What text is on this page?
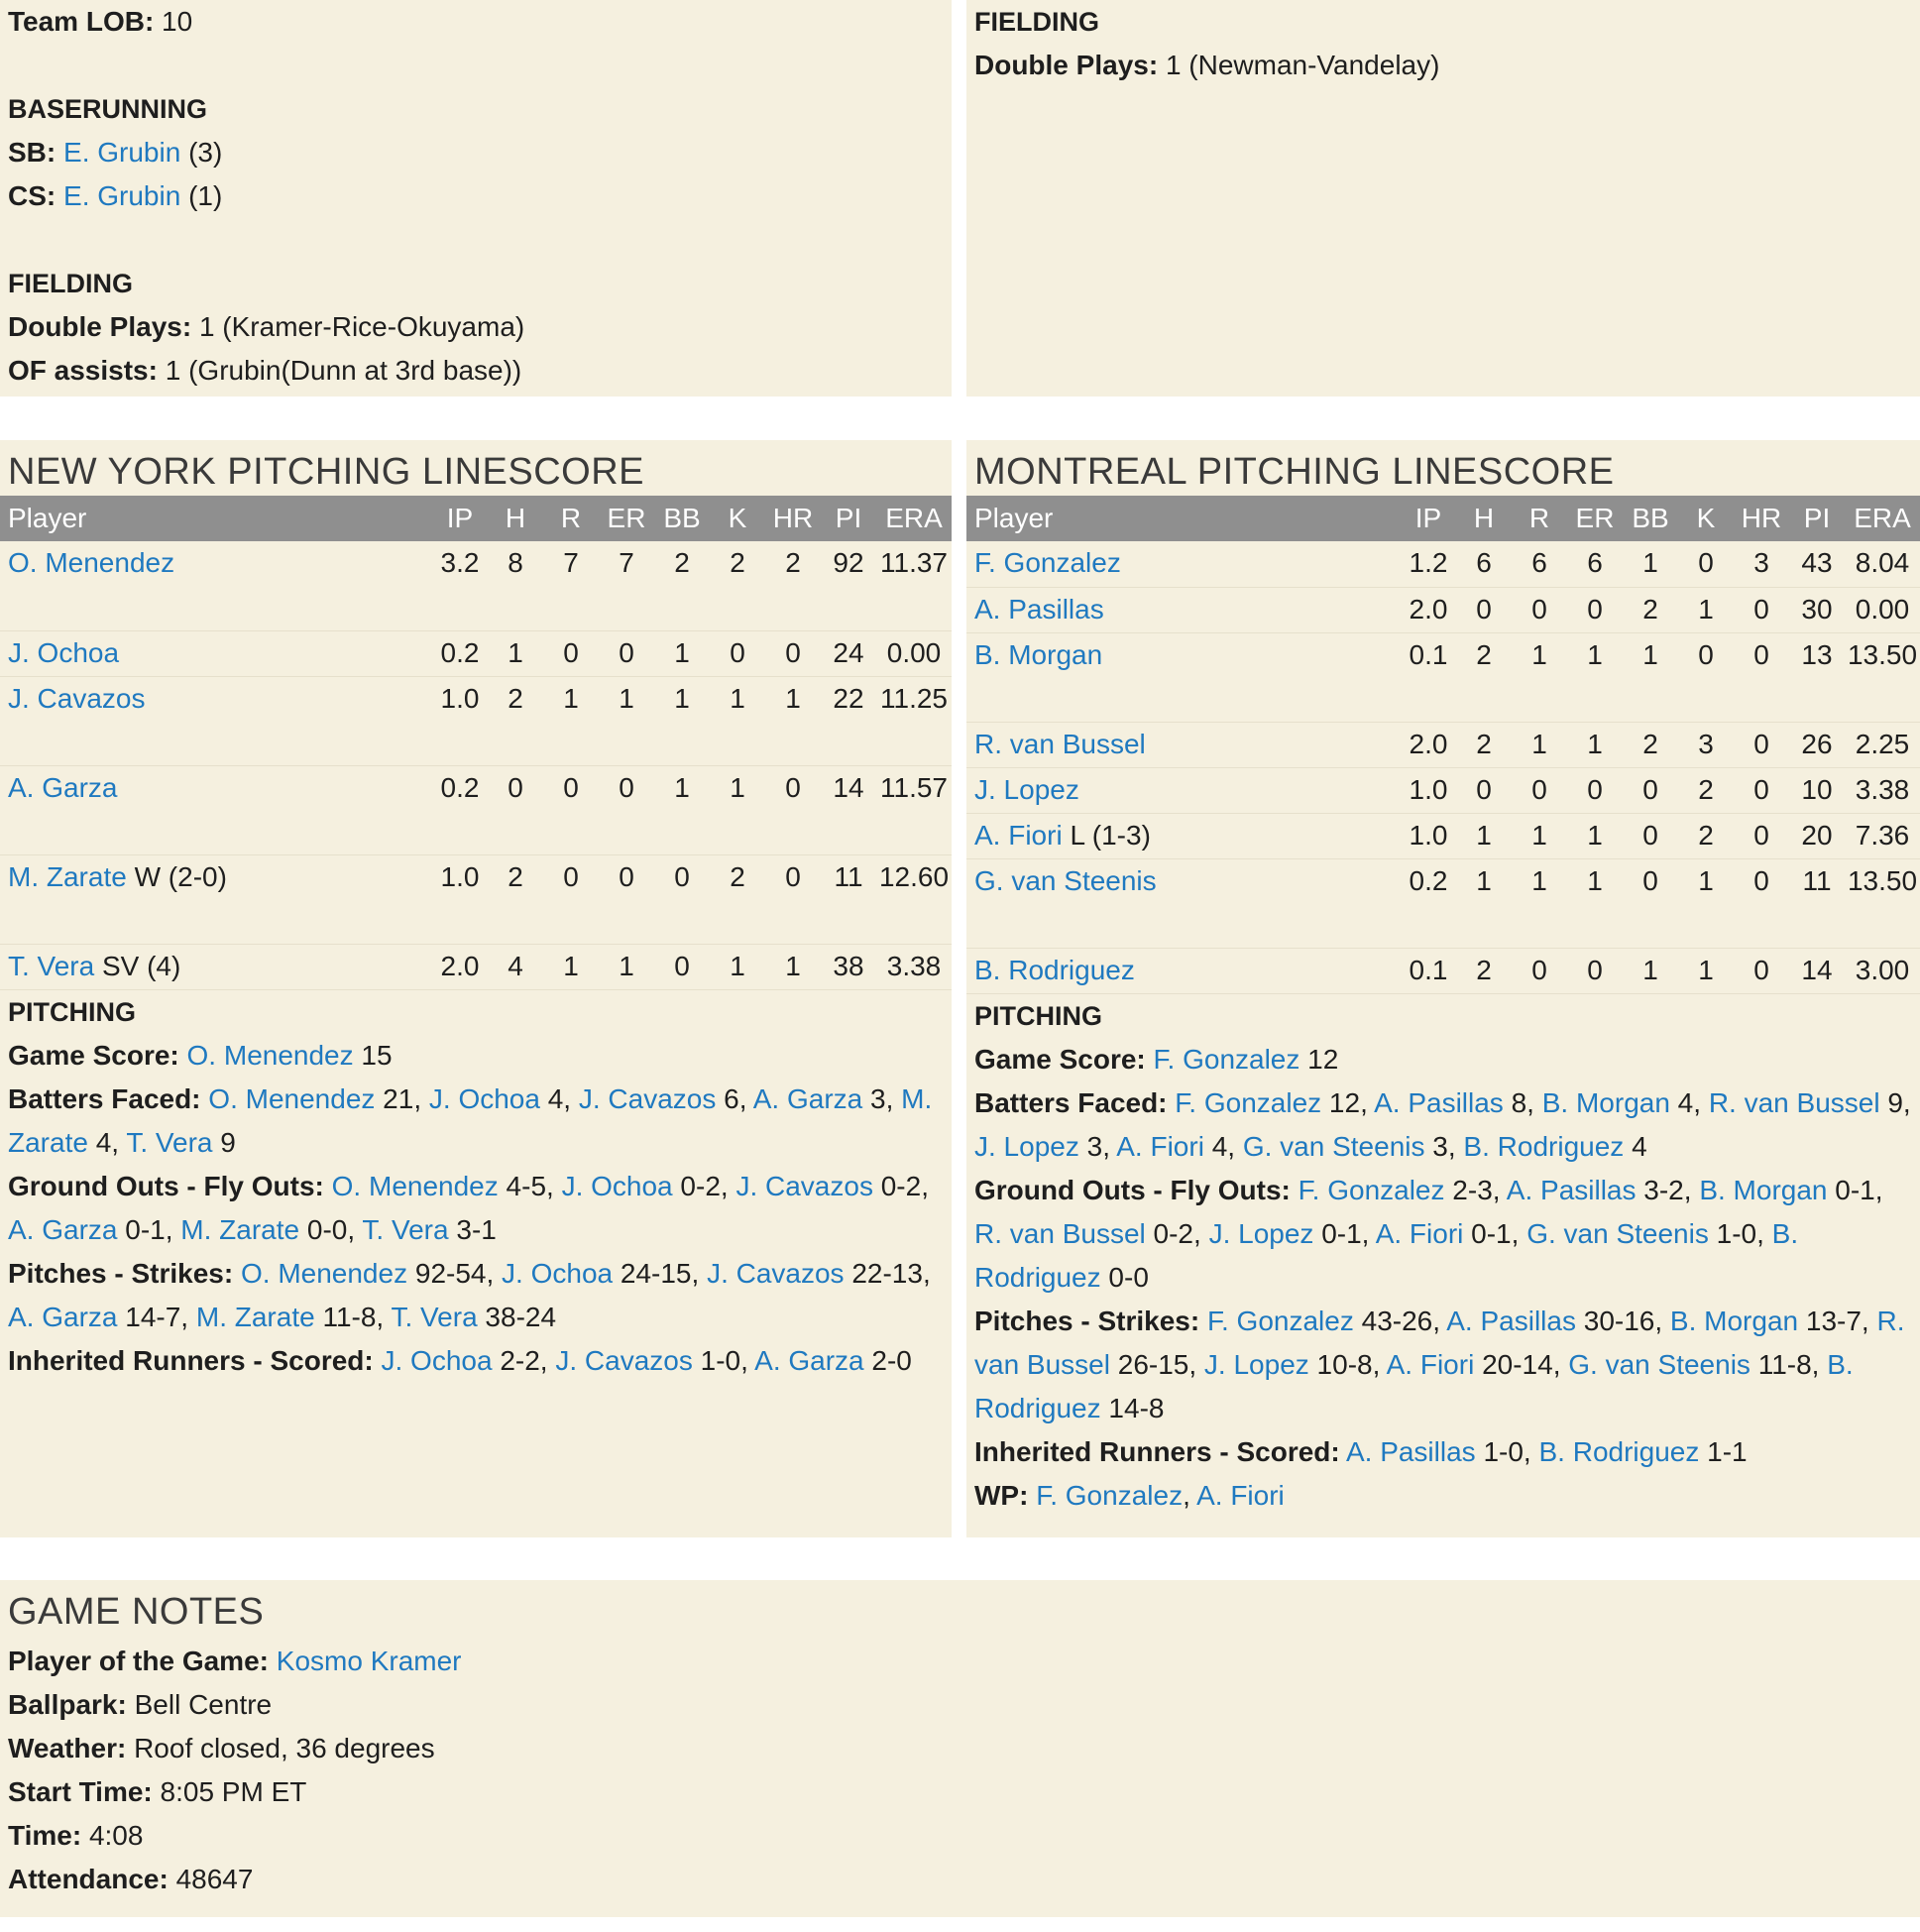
Team LOB: 10
BASERUNNING
SB: E. Grubin (3)
CS: E. Grubin (1)
FIELDING
Double Plays: 1 (Kramer-Rice-Okuyama)
OF assists: 1 (Grubin(Dunn at 3rd base))
FIELDING
Double Plays: 1 (Newman-Vandelay)
NEW YORK PITCHING LINESCORE
Player	IP	H	R	ER	BB	K	HR	PI	ERA
O. Menendez	3.2	8	7	7	2	2	2	92	11.37
J. Ochoa	0.2	1	0	0	1	0	0	24	0.00
J. Cavazos	1.0	2	1	1	1	1	1	22	11.25
A. Garza	0.2	0	0	0	1	1	0	14	11.57
M. Zarate W (2-0)	1.0	2	0	0	0	2	0	11	12.60
T. Vera SV (4)	2.0	4	1	1	0	1	1	38	3.38
PITCHING
Game Score: O. Menendez 15
Batters Faced: O. Menendez 21, J. Ochoa 4, J. Cavazos 6, A. Garza 3, M. Zarate 4, T. Vera 9
Ground Outs - Fly Outs: O. Menendez 4-5, J. Ochoa 0-2, J. Cavazos 0-2, A. Garza 0-1, M. Zarate 0-0, T. Vera 3-1
Pitches - Strikes: O. Menendez 92-54, J. Ochoa 24-15, J. Cavazos 22-13, A. Garza 14-7, M. Zarate 11-8, T. Vera 38-24
Inherited Runners - Scored: J. Ochoa 2-2, J. Cavazos 1-0, A. Garza 2-0
MONTREAL PITCHING LINESCORE
Player	IP	H	R	ER	BB	K	HR	PI	ERA
F. Gonzalez	1.2	6	6	6	1	0	3	43	8.04
A. Pasillas	2.0	0	0	0	2	1	0	30	0.00
B. Morgan	0.1	2	1	1	1	0	0	13	13.50
R. van Bussel	2.0	2	1	1	2	3	0	26	2.25
J. Lopez	1.0	0	0	0	0	2	0	10	3.38
A. Fiori L (1-3)	1.0	1	1	1	0	2	0	20	7.36
G. van Steenis	0.2	1	1	1	0	1	0	11	13.50
B. Rodriguez	0.1	2	0	0	1	1	0	14	3.00
PITCHING
Game Score: F. Gonzalez 12
Batters Faced: F. Gonzalez 12, A. Pasillas 8, B. Morgan 4, R. van Bussel 9, J. Lopez 3, A. Fiori 4, G. van Steenis 3, B. Rodriguez 4
Ground Outs - Fly Outs: F. Gonzalez 2-3, A. Pasillas 3-2, B. Morgan 0-1, R. van Bussel 0-2, J. Lopez 0-1, A. Fiori 0-1, G. van Steenis 1-0, B. Rodriguez 0-0
Pitches - Strikes: F. Gonzalez 43-26, A. Pasillas 30-16, B. Morgan 13-7, R. van Bussel 26-15, J. Lopez 10-8, A. Fiori 20-14, G. van Steenis 11-8, B. Rodriguez 14-8
Inherited Runners - Scored: A. Pasillas 1-0, B. Rodriguez 1-1
WP: F. Gonzalez, A. Fiori
GAME NOTES
Player of the Game: Kosmo Kramer
Ballpark: Bell Centre
Weather: Roof closed, 36 degrees
Start Time: 8:05 PM ET
Time: 4:08
Attendance: 48647
